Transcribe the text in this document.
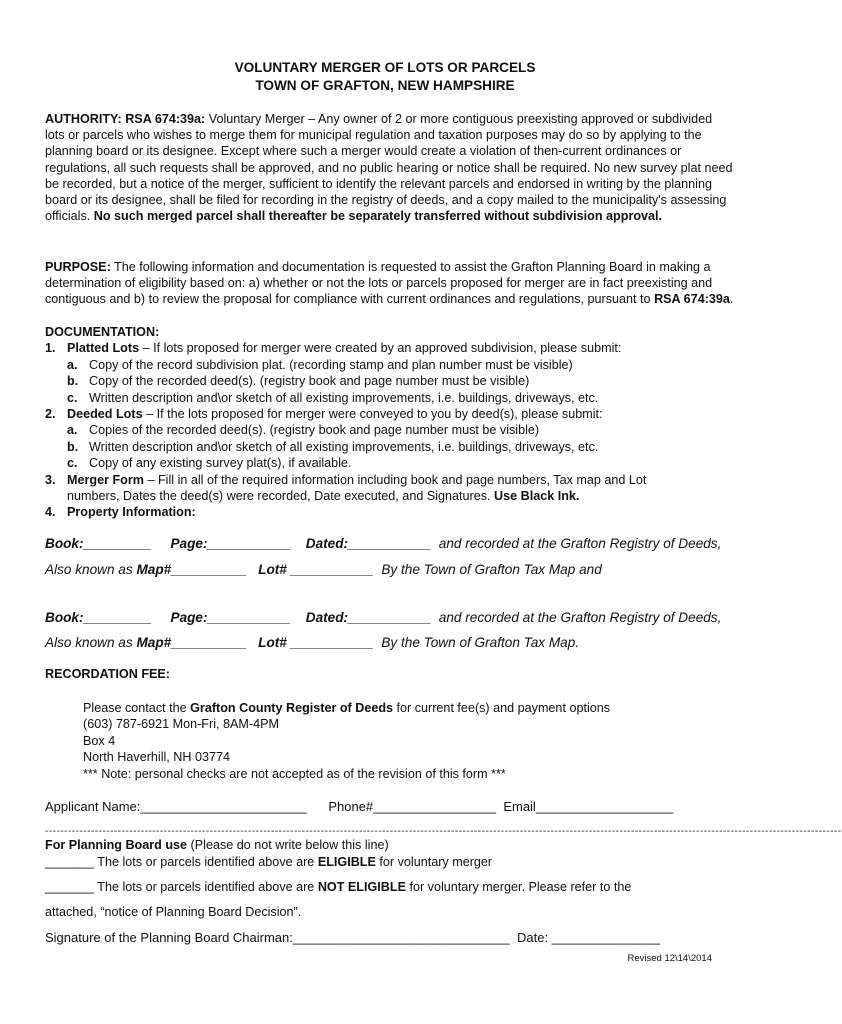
VOLUNTARY MERGER OF LOTS OR PARCELS
TOWN OF GRAFTON, NEW HAMPSHIRE
AUTHORITY: RSA 674:39a: Voluntary Merger – Any owner of 2 or more contiguous preexisting approved or subdivided lots or parcels who wishes to merge them for municipal regulation and taxation purposes may do so by applying to the planning board or its designee. Except where such a merger would create a violation of then-current ordinances or regulations, all such requests shall be approved, and no public hearing or notice shall be required. No new survey plat need be recorded, but a notice of the merger, sufficient to identify the relevant parcels and endorsed in writing by the planning board or its designee, shall be filed for recording in the registry of deeds, and a copy mailed to the municipality's assessing officials. No such merged parcel shall thereafter be separately transferred without subdivision approval.
PURPOSE: The following information and documentation is requested to assist the Grafton Planning Board in making a determination of eligibility based on: a) whether or not the lots or parcels proposed for merger are in fact preexisting and contiguous and b) to review the proposal for compliance with current ordinances and regulations, pursuant to RSA 674:39a.
DOCUMENTATION:
1. Platted Lots – If lots proposed for merger were created by an approved subdivision, please submit:
a. Copy of the record subdivision plat. (recording stamp and plan number must be visible)
b. Copy of the recorded deed(s). (registry book and page number must be visible)
c. Written description and\or sketch of all existing improvements, i.e. buildings, driveways, etc.
2. Deeded Lots – If the lots proposed for merger were conveyed to you by deed(s), please submit:
a. Copies of the recorded deed(s). (registry book and page number must be visible)
b. Written description and\or sketch of all existing improvements, i.e. buildings, driveways, etc.
c. Copy of any existing survey plat(s), if available.
3. Merger Form – Fill in all of the required information including book and page numbers, Tax map and Lot
numbers, Dates the deed(s) were recorded, Date executed, and Signatures. Use Black Ink.
4. Property Information:
Book:_________ Page:___________ Dated:___________ and recorded at the Grafton Registry of Deeds,
Also known as Map#__________ Lot# ___________ By the Town of Grafton Tax Map and
Book:_________ Page:___________ Dated:___________ and recorded at the Grafton Registry of Deeds,
Also known as Map#__________ Lot# ___________ By the Town of Grafton Tax Map.
RECORDATION FEE:
Please contact the Grafton County Register of Deeds for current fee(s) and payment options
(603) 787-6921 Mon-Fri, 8AM-4PM
Box 4
North Haverhill, NH 03774
*** Note: personal checks are not accepted as of the revision of this form ***
Applicant Name:_______________________ Phone#_________________ Email___________________
----------------------------------------------------------------------------------------------------------------------------------------------------------------------------------------------------------------
For Planning Board use (Please do not write below this line)
_______ The lots or parcels identified above are ELIGIBLE for voluntary merger
_______ The lots or parcels identified above are NOT ELIGIBLE for voluntary merger. Please refer to the
attached, “notice of Planning Board Decision”.
Signature of the Planning Board Chairman:______________________________ Date: _______________
Revised 12\14\2014
